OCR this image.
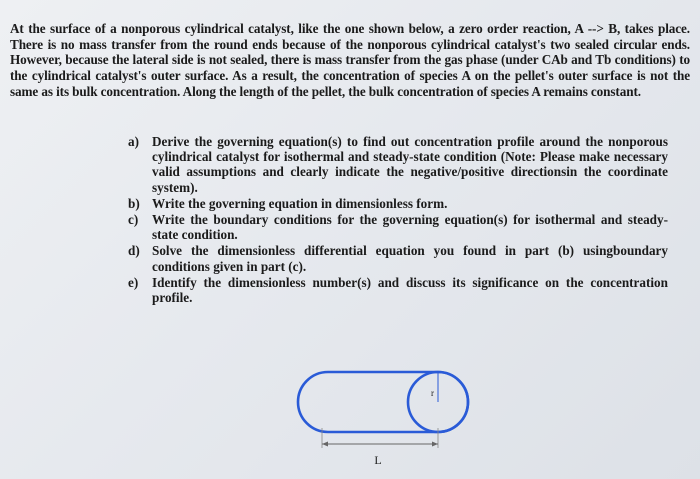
At the surface of a nonporous cylindrical catalyst, like the one shown below, a zero order reaction, A --> B, takes place. There is no mass transfer from the round ends because of the nonporous cylindrical catalyst's two sealed circular ends. However, because the lateral side is not sealed, there is mass transfer from the gas phase (under CAb and Tb conditions) to the cylindrical catalyst's outer surface. As a result, the concentration of species A on the pellet's outer surface is not the same as its bulk concentration. Along the length of the pellet, the bulk concentration of species A remains constant.

a) Derive the governing equation(s) to find out concentration profile around the nonporous cylindrical catalyst for isothermal and steady-state condition (Note: Please make necessary valid assumptions and clearly indicate the negative/positive directionsin the coordinate system).
b) Write the governing equation in dimensionless form.
c) Write the boundary conditions for the governing equation(s) for isothermal and steady-state condition.
d) Solve the dimensionless differential equation you found in part (b) usingboundary conditions given in part (c).
e) Identify the dimensionless number(s) and discuss its significance on the concentration profile.
r
L
